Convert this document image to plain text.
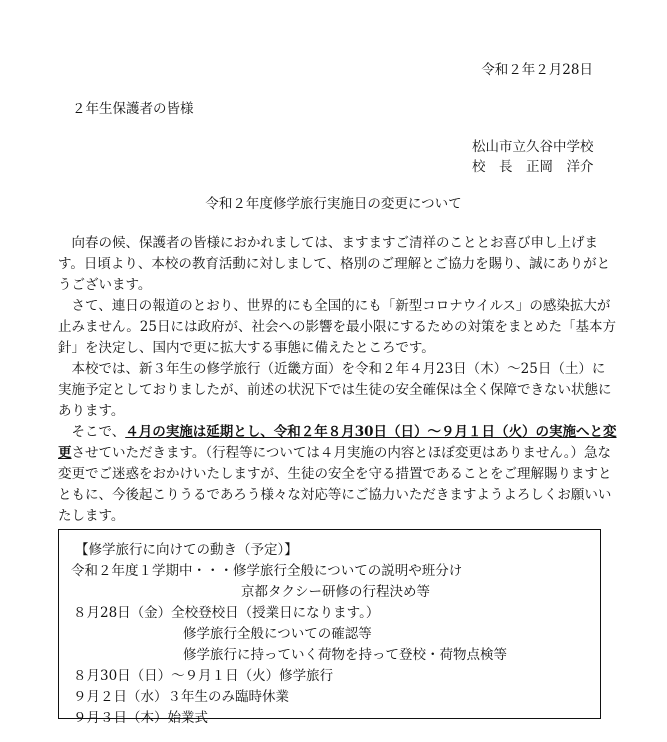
令和２年２月28日
２年生保護者の皆様
松山市立久谷中学校
校　長　正岡　洋介
令和２年度修学旅行実施日の変更について

　向春の候、保護者の皆様におかれましては、ますますご清祥のこととお喜び申し上げます。日頃より、本校の教育活動に対しまして、格別のご理解とご協力を賜り、誠にありがとうございます。

　さて、連日の報道のとおり、世界的にも全国的にも「新型コロナウイルス」の感染拡大が止みません。25日には政府が、社会への影響を最小限にするための対策をまとめた「基本方針」を決定し、国内で更に拡大する事態に備えたところです。

　本校では、新３年生の修学旅行（近畿方面）を令和２年４月23日（木）～25日（土）に実施予定としておりましたが、前述の状況下では生徒の安全確保は全く保障できない状態にあります。

　そこで、４月の実施は延期とし、令和２年８月30日（日）～９月１日（火）の実施へと変更させていただきます。（行程等については４月実施の内容とほぼ変更はありません。）急な変更でご迷惑をおかけいたしますが、生徒の安全を守る措置であることをご理解賜りますとともに、今後起こりうるであろう様々な対応等にご協力いただきますようよろしくお願いいたします。

【修学旅行に向けての動き（予定）】
令和２年度１学期中・・・修学旅行全般についての説明や班分け
京都タクシー研修の行程決め等
８月28日（金）全校登校日（授業日になります。）
修学旅行全般についての確認等
修学旅行に持っていく荷物を持って登校・荷物点検等
８月30日（日）～９月１日（火）修学旅行
９月２日（水）３年生のみ臨時休業
９月３日（木）始業式
